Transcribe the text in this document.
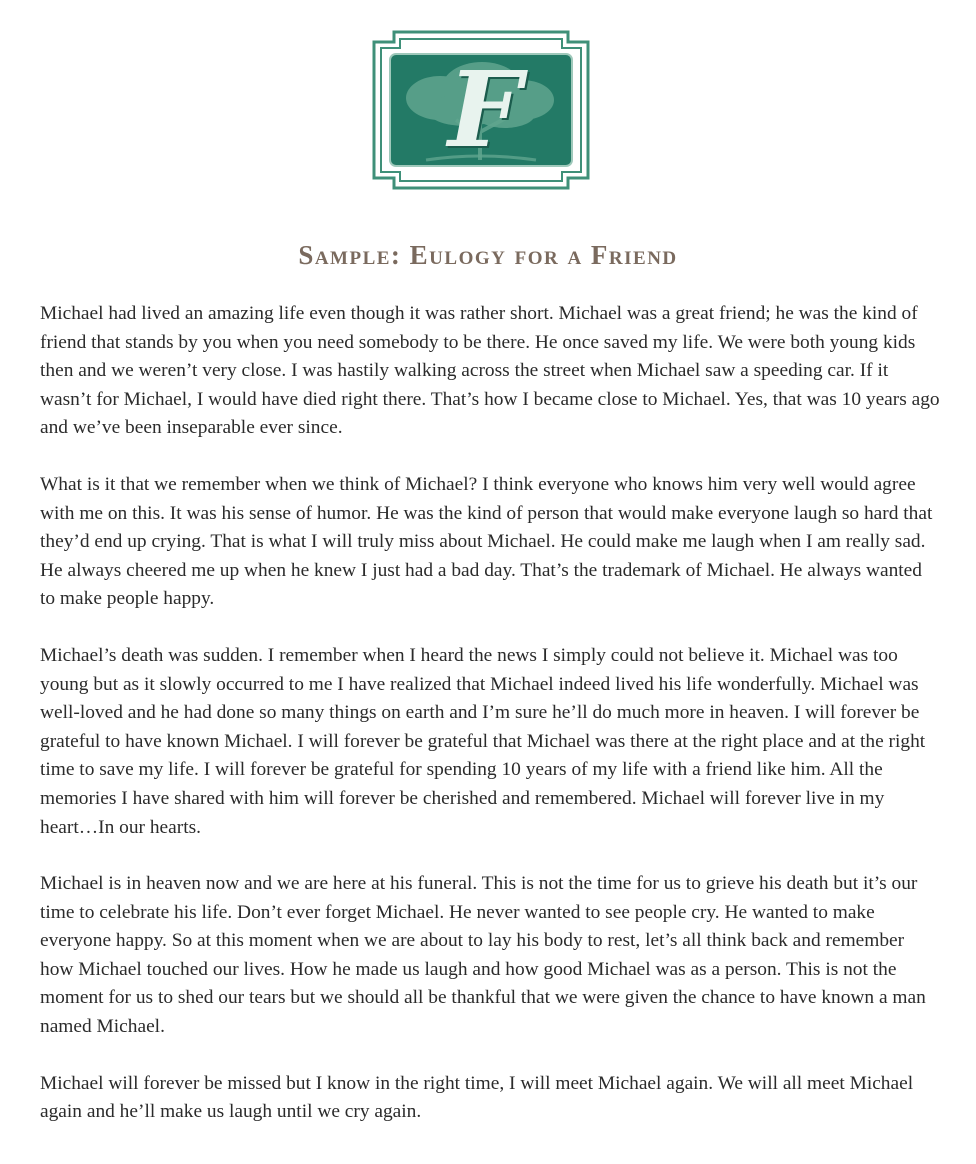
F
Sample: Eulogy for a Friend

Michael had lived an amazing life even though it was rather short. Michael was a great friend; he was the kind of friend that stands by you when you need somebody to be there. He once saved my life. We were both young kids then and we weren’t very close. I was hastily walking across the street when Michael saw a speeding car. If it wasn’t for Michael, I would have died right there. That’s how I became close to Michael. Yes, that was 10 years ago and we’ve been inseparable ever since.

What is it that we remember when we think of Michael? I think everyone who knows him very well would agree with me on this. It was his sense of humor. He was the kind of person that would make everyone laugh so hard that they’d end up crying. That is what I will truly miss about Michael. He could make me laugh when I am really sad. He always cheered me up when he knew I just had a bad day. That’s the trademark of Michael. He always wanted to make people happy.

Michael’s death was sudden. I remember when I heard the news I simply could not believe it. Michael was too young but as it slowly occurred to me I have realized that Michael indeed lived his life wonderfully. Michael was well-loved and he had done so many things on earth and I’m sure he’ll do much more in heaven. I will forever be grateful to have known Michael. I will forever be grateful that Michael was there at the right place and at the right time to save my life. I will forever be grateful for spending 10 years of my life with a friend like him. All the memories I have shared with him will forever be cherished and remembered. Michael will forever live in my heart…In our hearts.

Michael is in heaven now and we are here at his funeral. This is not the time for us to grieve his death but it’s our time to celebrate his life. Don’t ever forget Michael. He never wanted to see people cry. He wanted to make everyone happy. So at this moment when we are about to lay his body to rest, let’s all think back and remember how Michael touched our lives. How he made us laugh and how good Michael was as a person. This is not the moment for us to shed our tears but we should all be thankful that we were given the chance to have known a man named Michael.

Michael will forever be missed but I know in the right time, I will meet Michael again. We will all meet Michael again and he’ll make us laugh until we cry again.
